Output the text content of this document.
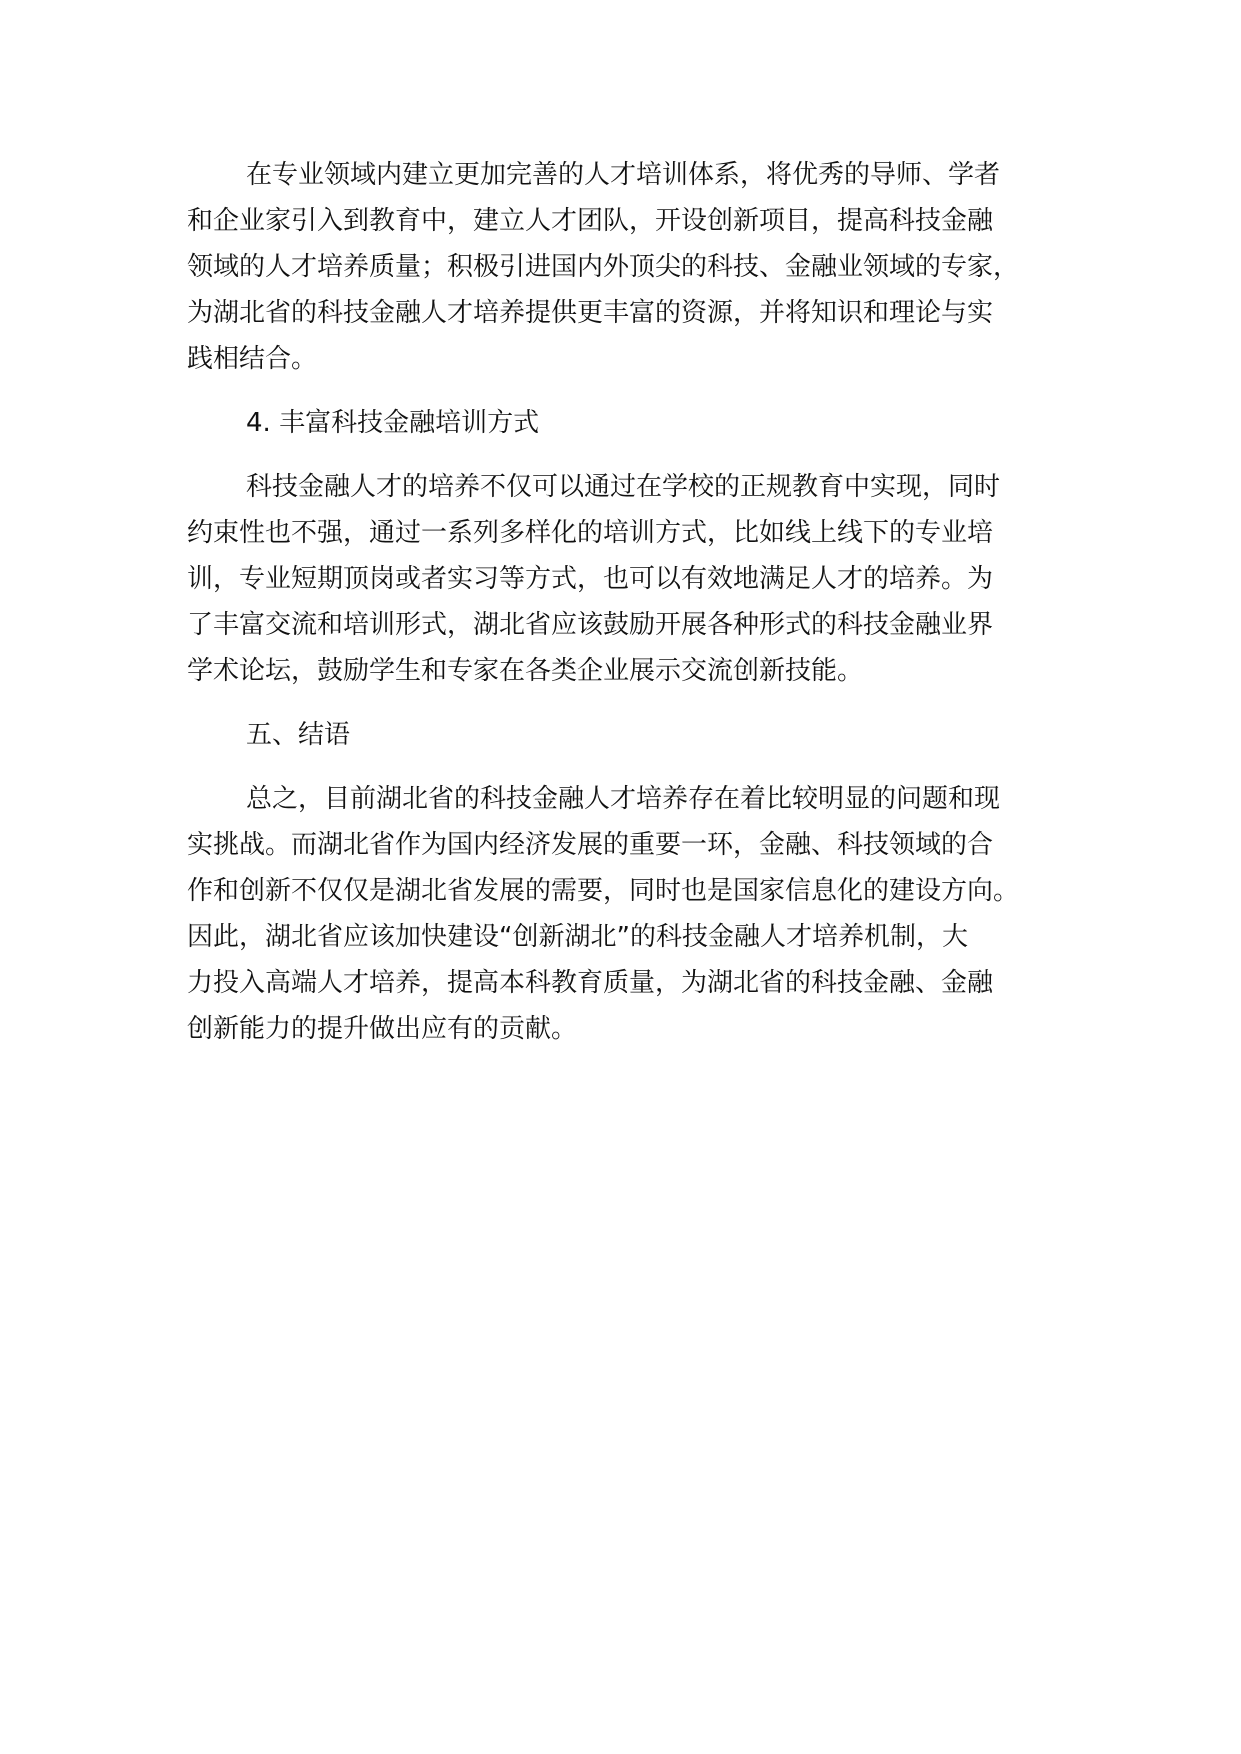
在专业领域内建立更加完善的人才培训体系，将优秀的导师、学者
和企业家引入到教育中，建立人才团队，开设创新项目，提高科技金融
领域的人才培养质量；积极引进国内外顶尖的科技、金融业领域的专家，
为湖北省的科技金融人才培养提供更丰富的资源，并将知识和理论与实
践相结合。
4. 丰富科技金融培训方式
科技金融人才的培养不仅可以通过在学校的正规教育中实现，同时
约束性也不强，通过一系列多样化的培训方式，比如线上线下的专业培
训，专业短期顶岗或者实习等方式，也可以有效地满足人才的培养。为
了丰富交流和培训形式，湖北省应该鼓励开展各种形式的科技金融业界
学术论坛，鼓励学生和专家在各类企业展示交流创新技能。
五、结语
总之，目前湖北省的科技金融人才培养存在着比较明显的问题和现
实挑战。而湖北省作为国内经济发展的重要一环，金融、科技领域的合
作和创新不仅仅是湖北省发展的需要，同时也是国家信息化的建设方向。
因此，湖北省应该加快建设“创新湖北”的科技金融人才培养机制，大
力投入高端人才培养，提高本科教育质量，为湖北省的科技金融、金融
创新能力的提升做出应有的贡献。
